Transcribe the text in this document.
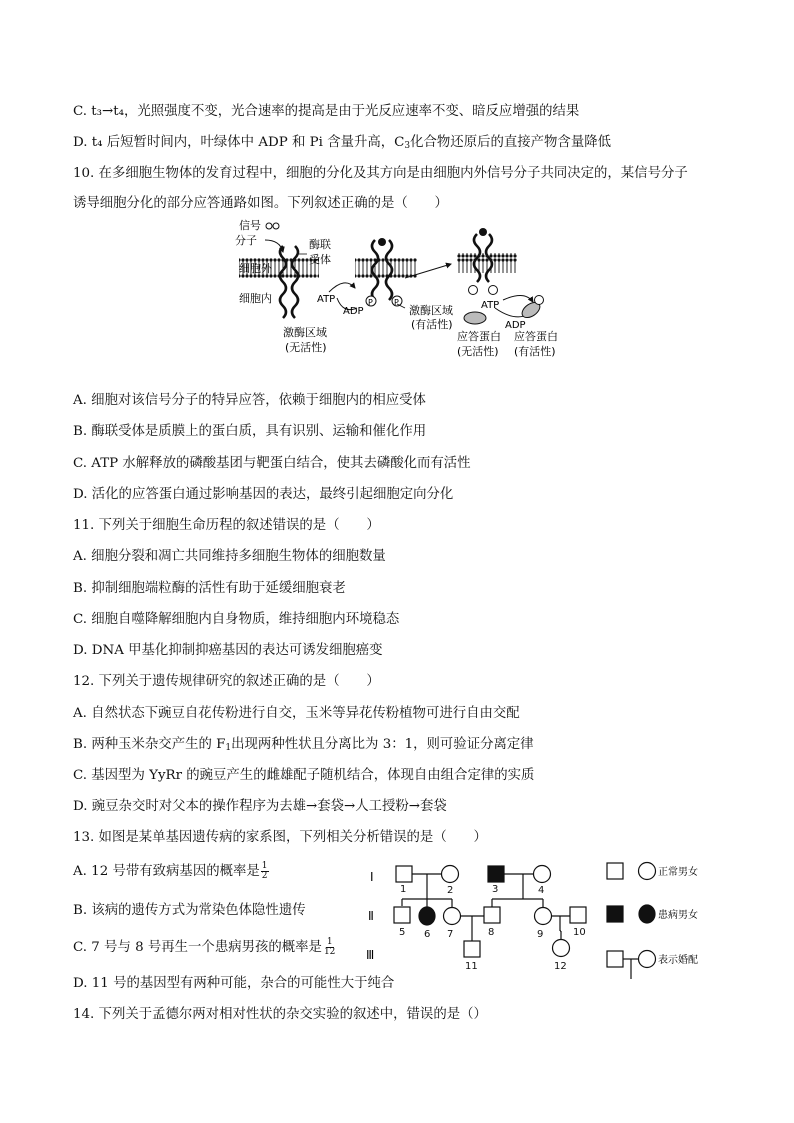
C. t₃→t₄，光照强度不变，光合速率的提高是由于光反应速率不变、暗反应增强的结果
D. t₄ 后短暂时间内，叶绿体中 ADP 和 Pi 含量升高，$C_3$化合物还原后的直接产物含量降低
10. 在多细胞生物体的发育过程中，细胞的分化及其方向是由细胞内外信号分子共同决定的，某信号分子
诱导细胞分化的部分应答通路如图。下列叙述正确的是（　　）
信号
分子
细胞外
细胞内
酶联
受体
激酶区域
(无活性)
ATP
ADP
P	P
激酶区域
(有活性)
ATP
ADP
应答蛋白
(无活性)
应答蛋白
(有活性)
A. 细胞对该信号分子的特异应答，依赖于细胞内的相应受体
B. 酶联受体是质膜上的蛋白质，具有识别、运输和催化作用
C. ATP 水解释放的磷酸基团与靶蛋白结合，使其去磷酸化而有活性
D. 活化的应答蛋白通过影响基因的表达，最终引起细胞定向分化
11. 下列关于细胞生命历程的叙述错误的是（　　）
A. 细胞分裂和凋亡共同维持多细胞生物体的细胞数量
B. 抑制细胞端粒酶的活性有助于延缓细胞衰老
C. 细胞自噬降解细胞内自身物质，维持细胞内环境稳态
D. DNA 甲基化抑制抑癌基因的表达可诱发细胞癌变
12. 下列关于遗传规律研究的叙述正确的是（　　）
A. 自然状态下豌豆自花传粉进行自交，玉米等异花传粉植物可进行自由交配
B. 两种玉米杂交产生的 $F_1$出现两种性状且分离比为 3：1，则可验证分离定律
C. 基因型为 YyRr 的豌豆产生的雌雄配子随机结合，体现自由组合定律的实质
D. 豌豆杂交时对父本的操作程序为去雄→套袋→人工授粉→套袋
13. 如图是某单基因遗传病的家系图，下列相关分析错误的是（　　）
A. 12 号带有致病基因的概率是 $\frac{1}{2}$
B. 该病的遗传方式为常染色体隐性遗传
C. 7 号与 8 号再生一个患病男孩的概率是 $\frac{1}{12}$
D. 11 号的基因型有两种可能，杂合的可能性大于纯合
Ⅰ
Ⅱ
Ⅲ
1	2	3	4
5 6 7	8	9	10
11	12
正常男女
患病男女
表示婚配
14. 下列关于孟德尔两对相对性状的杂交实验的叙述中，错误的是（）
